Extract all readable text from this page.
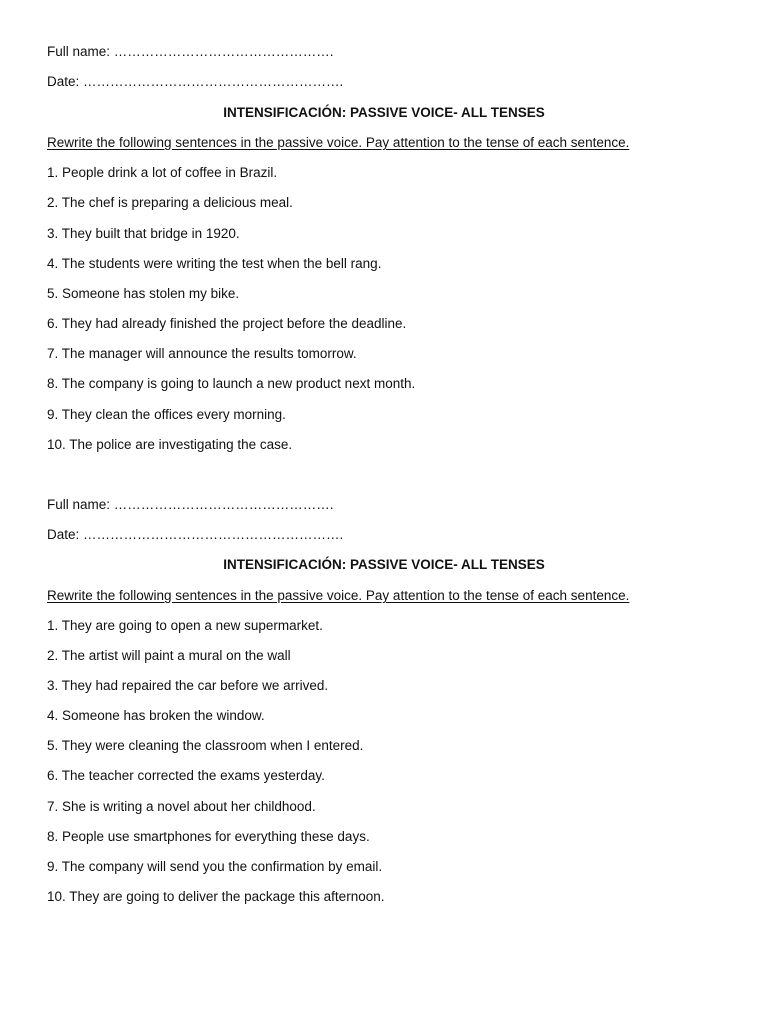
Full name: ………………………………………….
Date: ………………………………………………….
INTENSIFICACIÓN: PASSIVE VOICE- ALL TENSES
Rewrite the following sentences in the passive voice. Pay attention to the tense of each sentence.
1. People drink a lot of coffee in Brazil.
2. The chef is preparing a delicious meal.
3. They built that bridge in 1920.
4. The students were writing the test when the bell rang.
5. Someone has stolen my bike.
6. They had already finished the project before the deadline.
7. The manager will announce the results tomorrow.
8. The company is going to launch a new product next month.
9. They clean the offices every morning.
10. The police are investigating the case.
Full name: ………………………………………….
Date: ………………………………………………….
INTENSIFICACIÓN: PASSIVE VOICE- ALL TENSES
Rewrite the following sentences in the passive voice. Pay attention to the tense of each sentence.
1. They are going to open a new supermarket.
2. The artist will paint a mural on the wall
3. They had repaired the car before we arrived.
4. Someone has broken the window.
5. They were cleaning the classroom when I entered.
6. The teacher corrected the exams yesterday.
7. She is writing a novel about her childhood.
8. People use smartphones for everything these days.
9. The company will send you the confirmation by email.
10. They are going to deliver the package this afternoon.
